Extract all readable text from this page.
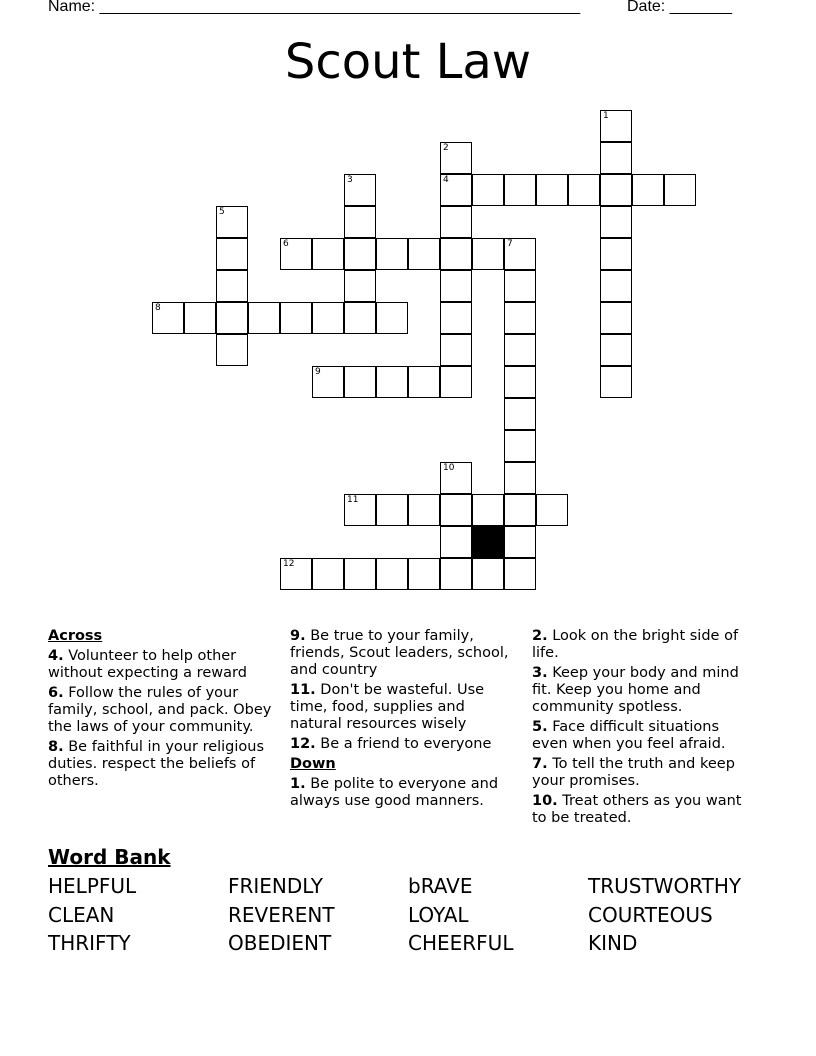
Name: ______________________________________________________	Date: _______
Scout Law
1
2
4
3
5
6	7
8
9
10
11
12
Across
4. Volunteer to help other without expecting a reward
6. Follow the rules of your family, school, and pack. Obey the laws of your community.
8. Be faithful in your religious duties. respect the beliefs of others.
9. Be true to your family, friends, Scout leaders, school, and country
11. Don't be wasteful. Use time, food, supplies and natural resources wisely
12. Be a friend to everyone
Down
1. Be polite to everyone and always use good manners.
2. Look on the bright side of life.
3. Keep your body and mind fit. Keep you home and community spotless.
5. Face difficult situations even when you feel afraid.
7. To tell the truth and keep your promises.
10. Treat others as you want to be treated.
Word Bank
HELPFUL	FRIENDLY	bRAVE	TRUSTWORTHY
CLEAN	REVERENT	LOYAL	COURTEOUS
THRIFTY	OBEDIENT	CHEERFUL	KIND
